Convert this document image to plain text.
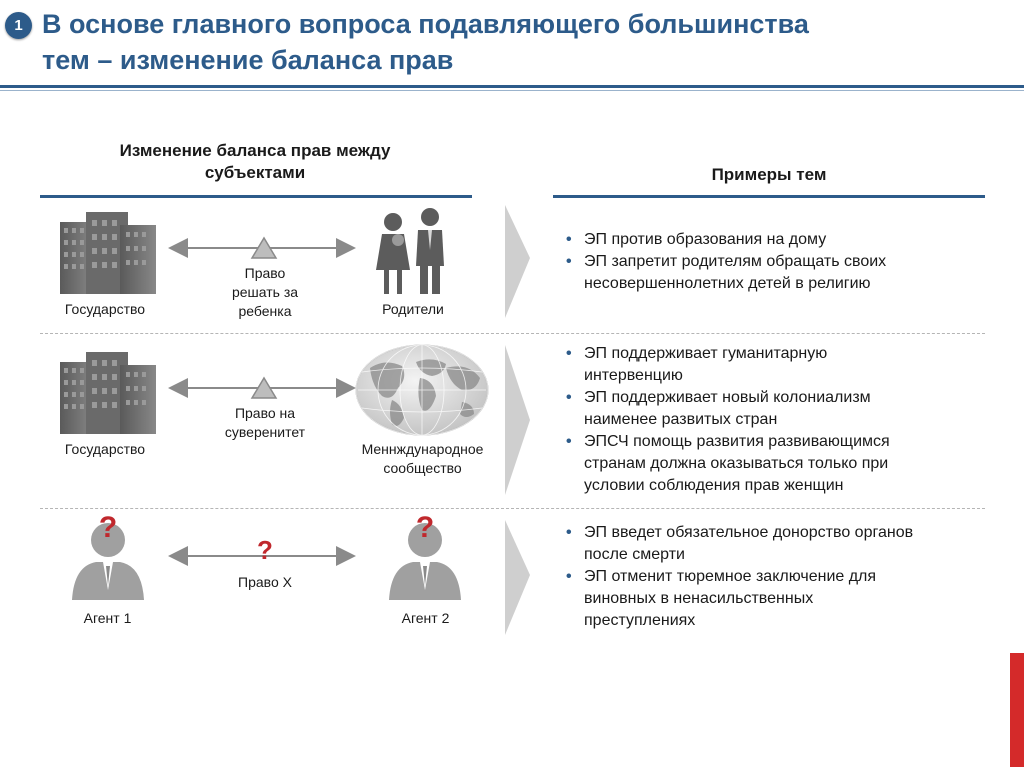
1 В основе главного вопроса подавляющего большинства
тем – изменение баланса прав
Изменение баланса прав между
субъектами	Примеры тем
?	?
?
Государство	Родители
Право
решать за
ребенка
Государство	Меннждународное
сообщество
Право на
суверенитет
Агент 1	Агент 2
Право X
• ЭП против образования на дому
• ЭП запретит родителям обращать своих
несовершеннолетних детей в религию
• ЭП поддерживает гуманитарную
интервенцию
• ЭП поддерживает новый колониализм
наименее развитых стран
• ЭПСЧ помощь развития развивающимся
странам должна оказываться только при
условии соблюдения прав женщин
• ЭП введет обязательное донорство органов
после смерти
• ЭП отменит тюремное заключение для
виновных в ненасильственных
преступлениях
